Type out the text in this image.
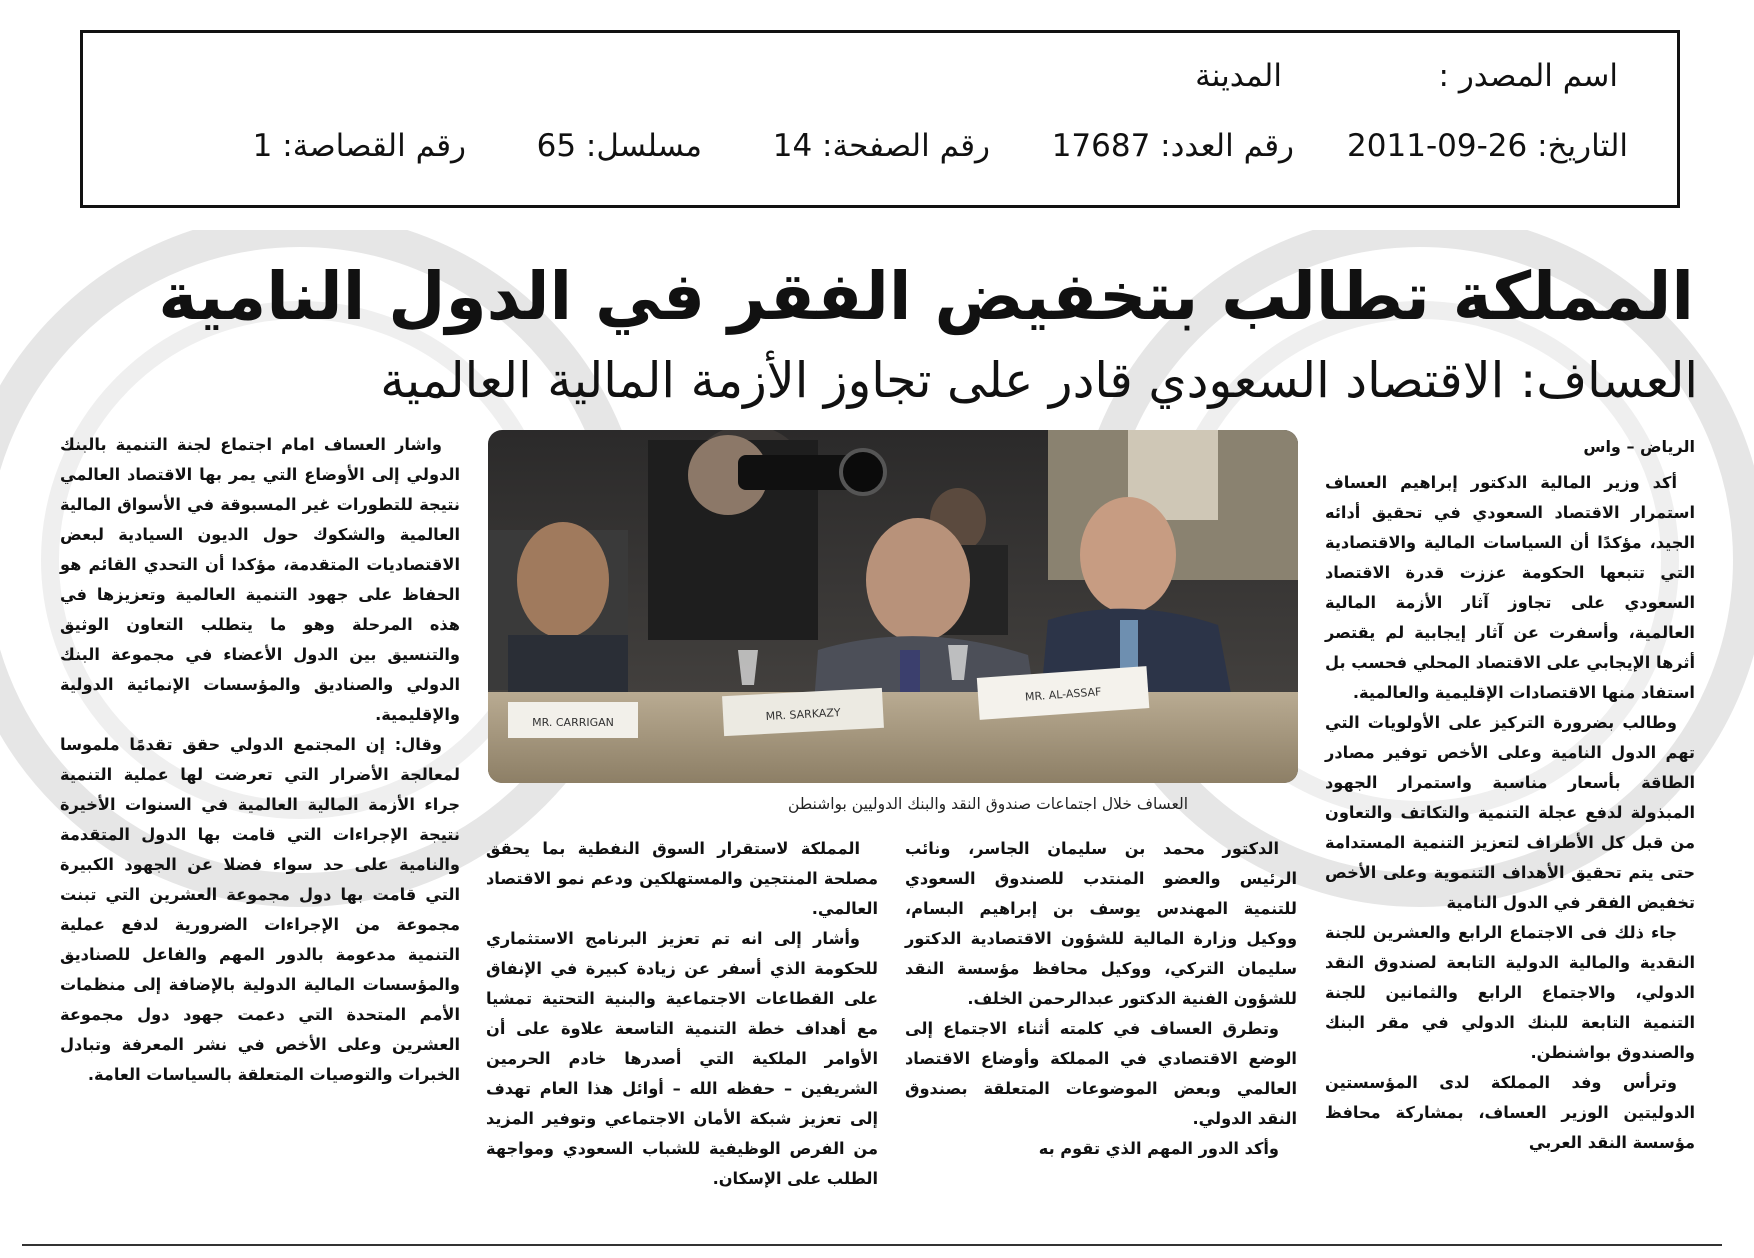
اسم المصدر :
المدينة
التاريخ: 26-09-2011
رقم العدد: 17687
رقم الصفحة: 14
مسلسل: 65
رقم القصاصة: 1
المملكة تطالب بتخفيض الفقر في الدول النامية
العساف: الاقتصاد السعودي قادر على تجاوز الأزمة المالية العالمية

الرياض – واس

أكد وزير المالية الدكتور إبراهيم العساف استمرار الاقتصاد السعودي في تحقيق أدائه الجيد، مؤكدًا أن السياسات المالية والاقتصادية التي تتبعها الحكومة عززت قدرة الاقتصاد السعودي على تجاوز آثار الأزمة المالية العالمية، وأسفرت عن آثار إيجابية لم يقتصر أثرها الإيجابي على الاقتصاد المحلي فحسب بل استفاد منها الاقتصادات الإقليمية والعالمية.

وطالب بضرورة التركيز على الأولويات التي تهم الدول النامية وعلى الأخص توفير مصادر الطاقة بأسعار مناسبة واستمرار الجهود المبذولة لدفع عجلة التنمية والتكاتف والتعاون من قبل كل الأطراف لتعزيز التنمية المستدامة حتى يتم تحقيق الأهداف التنموية وعلى الأخص تخفيض الفقر في الدول النامية

جاء ذلك فى الاجتماع الرابع والعشرين للجنة النقدية والمالية الدولية التابعة لصندوق النقد الدولي، والاجتماع الرابع والثمانين للجنة التنمية التابعة للبنك الدولي في مقر البنك والصندوق بواشنطن.

وترأس وفد المملكة لدى المؤسستين الدوليتين الوزير العساف، بمشاركة محافظ مؤسسة النقد العربي

الدكتور محمد بن سليمان الجاسر، ونائب الرئيس والعضو المنتدب للصندوق السعودي للتنمية المهندس يوسف بن إبراهيم البسام، ووكيل وزارة المالية للشؤون الاقتصادية الدكتور سليمان التركي، ووكيل محافظ مؤسسة النقد للشؤون الفنية الدكتور عبدالرحمن الخلف.

وتطرق العساف في كلمته أثناء الاجتماع إلى الوضع الاقتصادي في المملكة وأوضاع الاقتصاد العالمي وبعض الموضوعات المتعلقة بصندوق النقد الدولي.

وأكد الدور المهم الذي تقوم به

المملكة لاستقرار السوق النفطية بما يحقق مصلحة المنتجين والمستهلكين ودعم نمو الاقتصاد العالمي.

وأشار إلى انه تم تعزيز البرنامج الاستثماري للحكومة الذي أسفر عن زيادة كبيرة في الإنفاق على القطاعات الاجتماعية والبنية التحتية تمشيا مع أهداف خطة التنمية التاسعة علاوة على أن الأوامر الملكية التي أصدرها خادم الحرمين الشريفين – حفظه الله – أوائل هذا العام تهدف إلى تعزيز شبكة الأمان الاجتماعي وتوفير المزيد من الفرص الوظيفية للشباب السعودي ومواجهة الطلب على الإسكان.

واشار العساف امام اجتماع لجنة التنمية بالبنك الدولي إلى الأوضاع التي يمر بها الاقتصاد العالمي نتيجة للتطورات غير المسبوقة في الأسواق المالية العالمية والشكوك حول الديون السيادية لبعض الاقتصاديات المتقدمة، مؤكدا أن التحدي القائم هو الحفاظ على جهود التنمية العالمية وتعزيزها في هذه المرحلة وهو ما يتطلب التعاون الوثيق والتنسيق بين الدول الأعضاء في مجموعة البنك الدولي والصناديق والمؤسسات الإنمائية الدولية والإقليمية.

وقال: إن المجتمع الدولي حقق تقدمًا ملموسا لمعالجة الأضرار التي تعرضت لها عملية التنمية جراء الأزمة المالية العالمية في السنوات الأخيرة نتيجة الإجراءات التي قامت بها الدول المتقدمة والنامية على حد سواء فضلا عن الجهود الكبيرة التي قامت بها دول مجموعة العشرين التي تبنت مجموعة من الإجراءات الضرورية لدفع عملية التنمية مدعومة بالدور المهم والفاعل للصناديق والمؤسسات المالية الدولية بالإضافة إلى منظمات الأمم المتحدة التي دعمت جهود دول مجموعة العشرين وعلى الأخص في نشر المعرفة وتبادل الخبرات والتوصيات المتعلقة بالسياسات العامة.

MR. CARRIGAN	MR. SARKAZY
MR. AL-ASSAF
العساف خلال اجتماعات صندوق النقد والبنك الدوليين بواشنطن
